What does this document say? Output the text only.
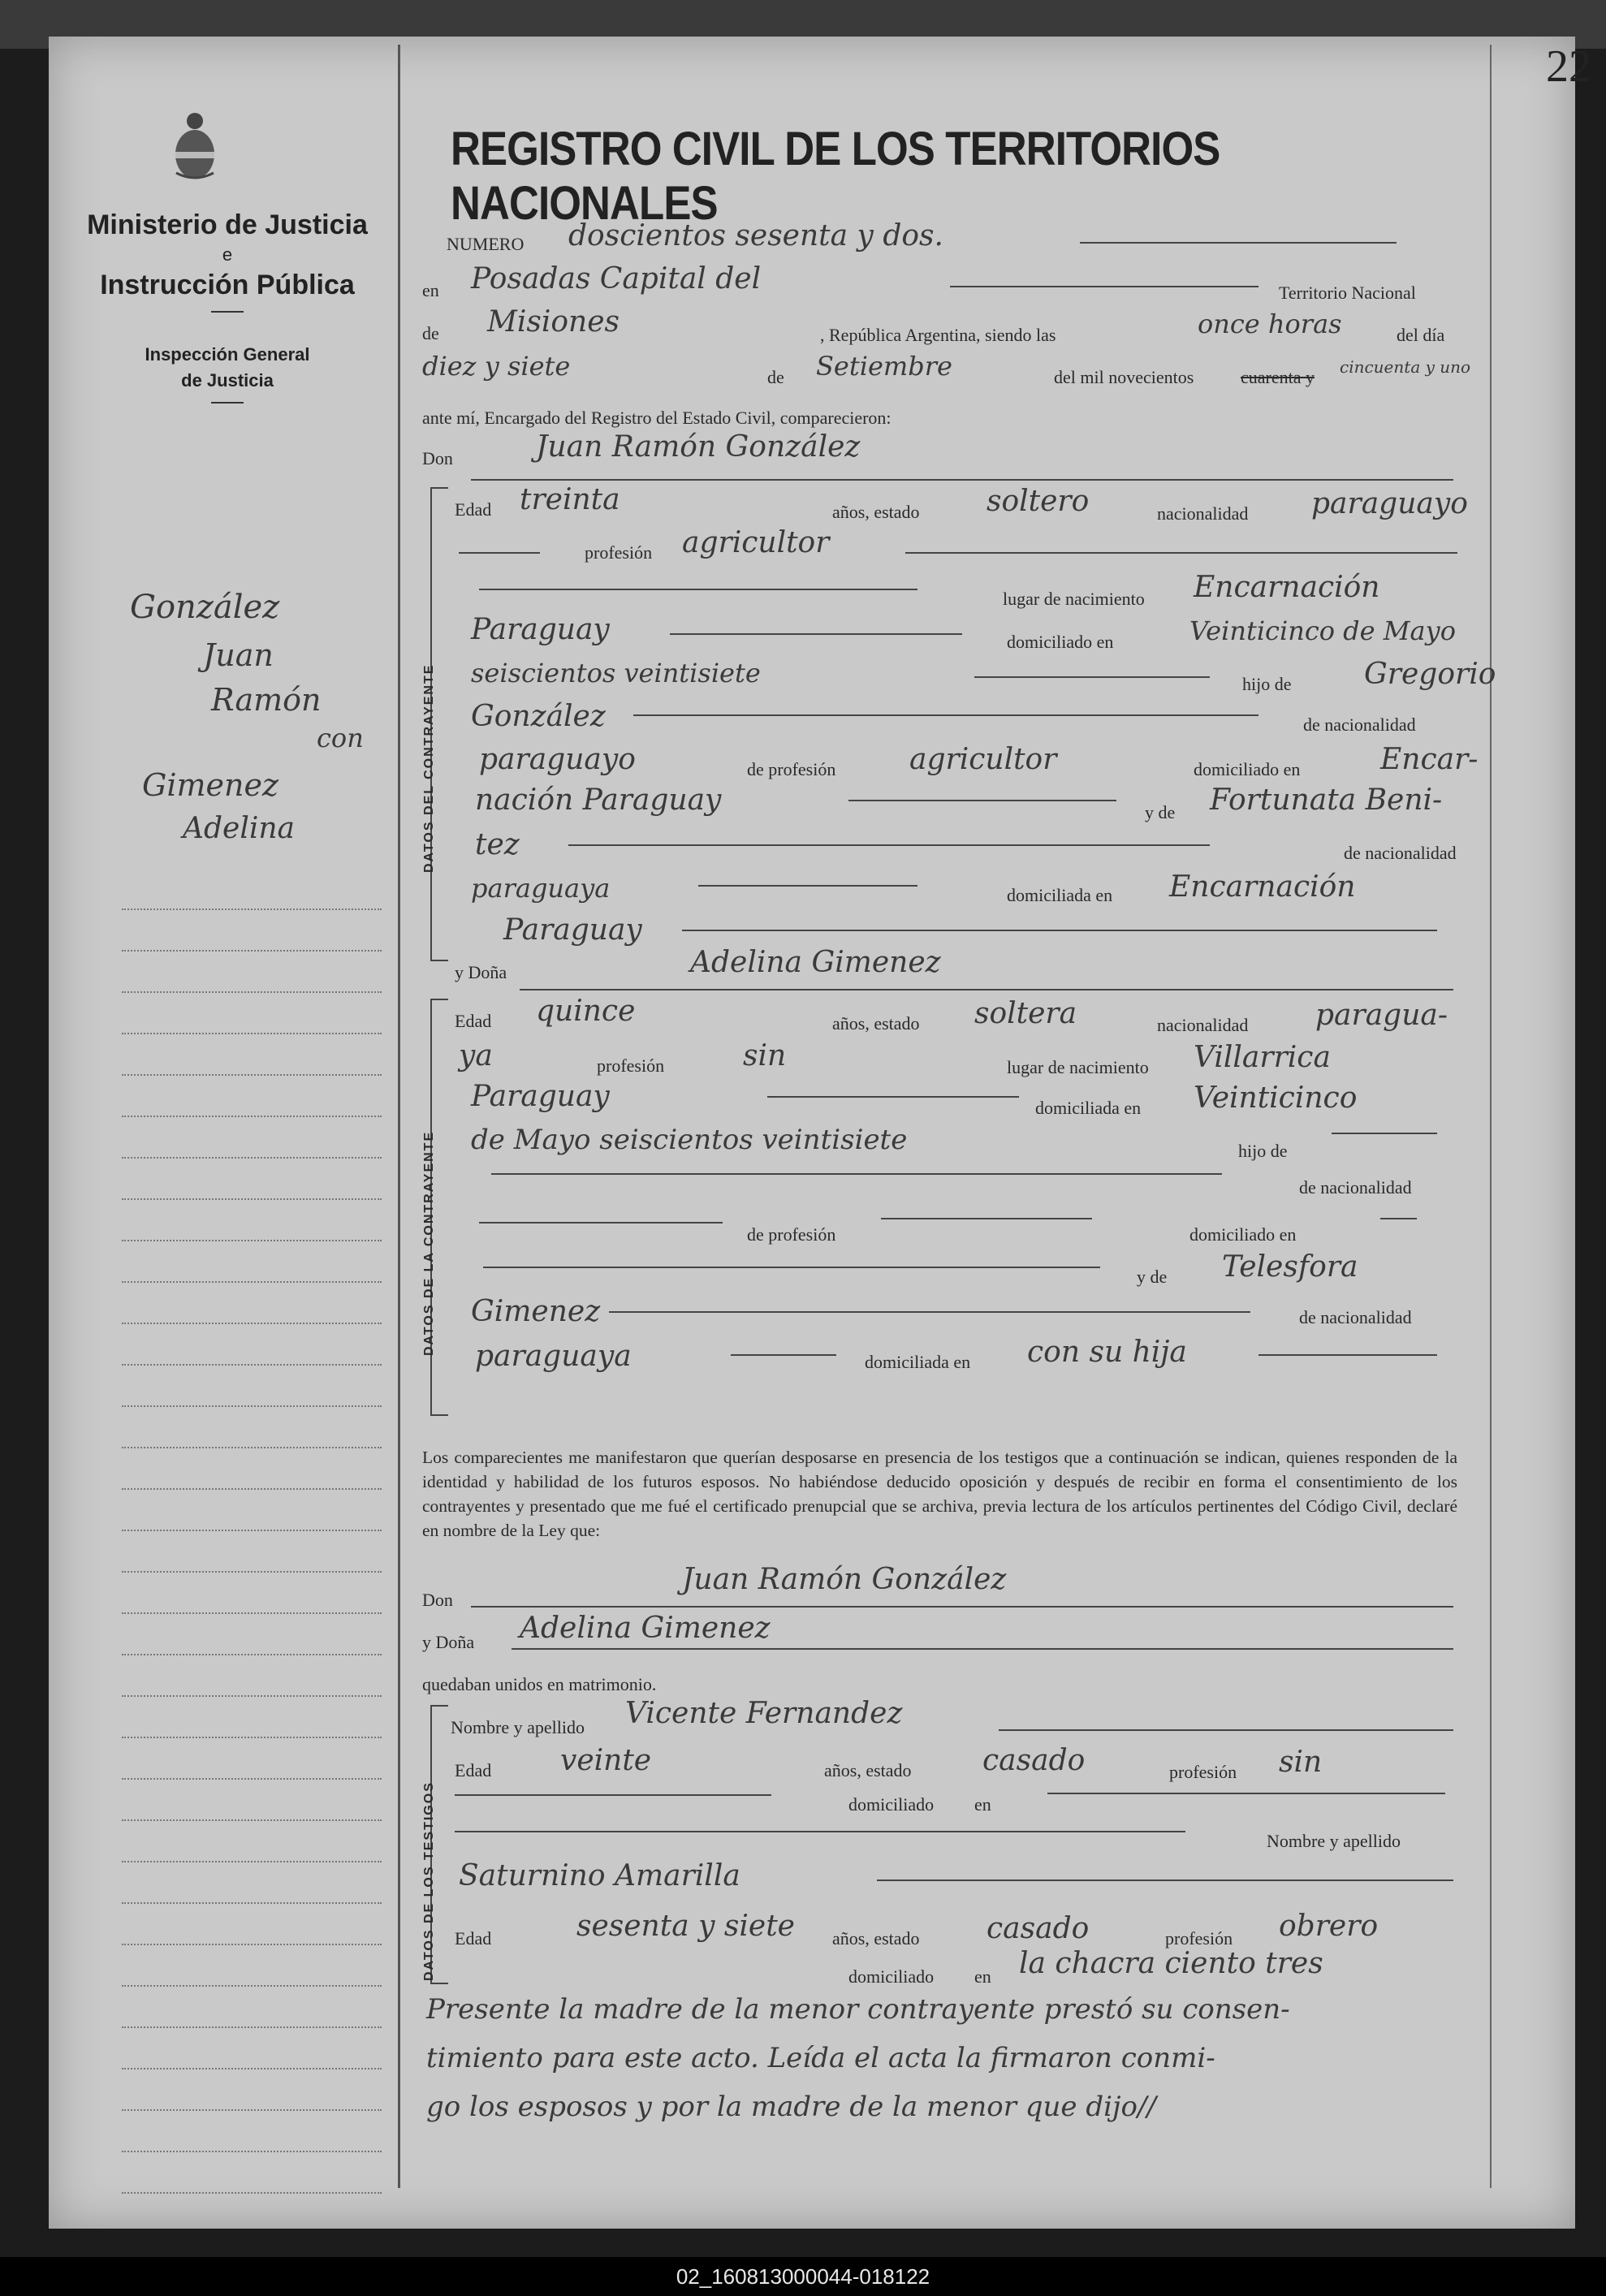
22
Ministerio de Justicia
e
Instrucción Pública
Inspección General
de Justicia
González
Juan
Ramón
con
Gimenez
Adelina
REGISTRO CIVIL DE LOS TERRITORIOS NACIONALES
NUMERO doscientos sesenta y dos.
en Posadas Capital del	Territorio Nacional
de Misiones	, República Argentina, siendo las	once horas	del día
diez y siete	de Setiembre	del mil novecientos	cuarenta y cincuenta y uno
ante mí, Encargado del Registro del Estado Civil, comparecieron:
Don	Juan Ramón González
DATOS DEL CONTRAYENTE
Edad treinta	años, estado soltero	nacionalidad paraguayo
profesión agricultor
lugar de nacimiento Encarnación
Paraguay	domiciliado en	Veinticinco de Mayo
seiscientos veintisiete	hijo de Gregorio
González	de nacionalidad
paraguayo	de profesión	agricultor	domiciliado en	Encar-
nación Paraguay	y de Fortunata Beni-
tez	de nacionalidad
paraguaya	domiciliada en Encarnación
Paraguay
y Doña	Adelina Gimenez
DATOS DE LA CONTRAYENTE
Edad quince	años, estado soltera	nacionalidad paragua-
ya	profesión	sin	lugar de nacimiento Villarrica
Paraguay	domiciliada en Veinticinco
de Mayo seiscientos veintisiete	hijo de
de nacionalidad
de profesión	domiciliado en
y de Telesfora
Gimenez	de nacionalidad
paraguaya	domiciliada en con su hija
Los comparecientes me manifestaron que querían desposarse en presencia de los testigos que a continuación se indican, quienes responden de la identidad y habilidad de los futuros esposos. No habiéndose deducido oposición y después de recibir en forma el consentimiento de los contrayentes y presentado que me fué el certificado prenupcial que se archiva, previa lectura de los artículos pertinentes del Código Civil, declaré en nombre de la Ley que:
Don
Juan Ramón González
y Doña Adelina Gimenez
quedaban unidos en matrimonio.
DATOS DE LOS TESTIGOS
Nombre y apellido Vicente Fernandez
Edad veinte	años, estado casado	profesión sin
domiciliado en
Nombre y apellido
Saturnino Amarilla
Edad	sesenta y siete años, estado casado	profesión obrero
domiciliado en la chacra ciento tres
Presente la madre de la menor contrayente prestó su consen-
timiento para este acto. Leída el acta la firmaron conmi-
go los esposos y por la madre de la menor que dijo//
02_160813000044-018122
